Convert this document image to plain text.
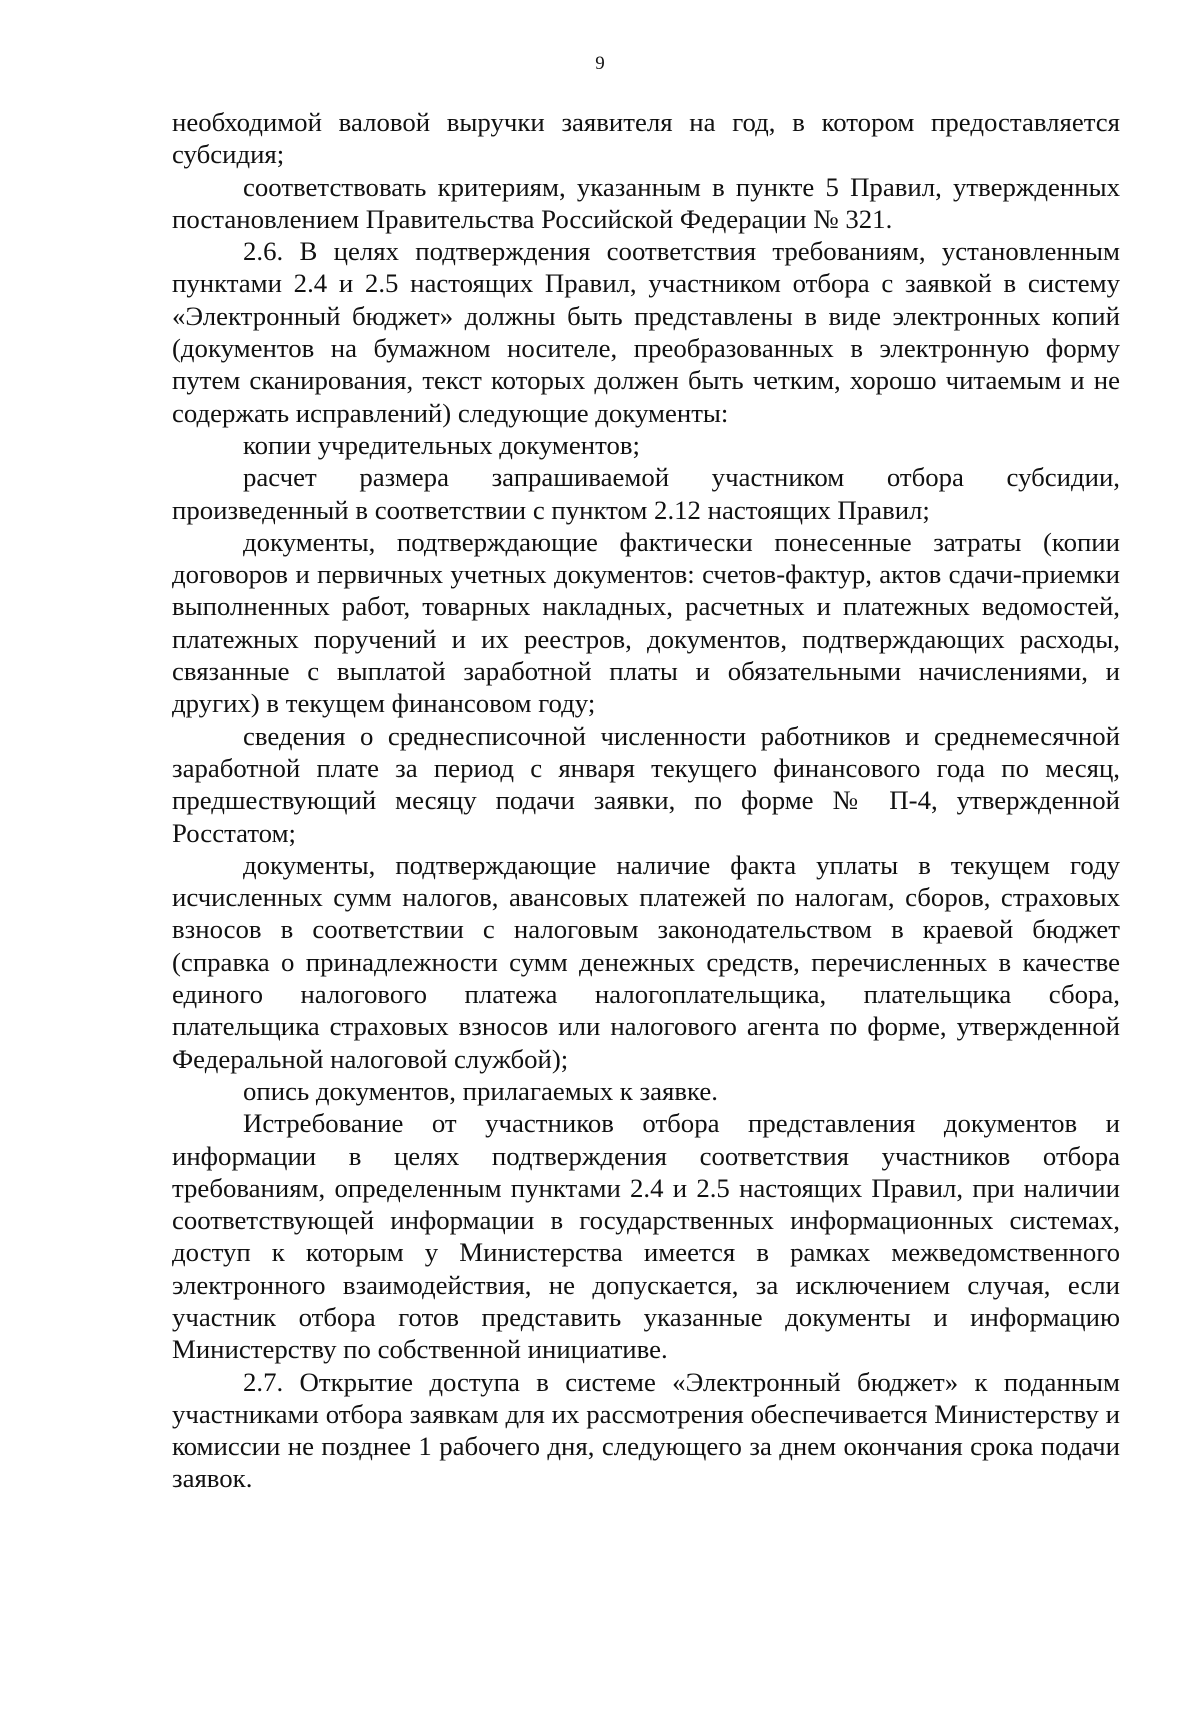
9

необходимой валовой выручки заявителя на год, в котором предоставляется субсидия;

соответствовать критериям, указанным в пункте 5 Правил, утвержденных постановлением Правительства Российской Федерации № 321.

2.6. В целях подтверждения соответствия требованиям, установленным пунктами 2.4 и 2.5 настоящих Правил, участником отбора с заявкой в систему «Электронный бюджет» должны быть представлены в виде электронных копий (документов на бумажном носителе, преобразованных в электронную форму путем сканирования, текст которых должен быть четким, хорошо читаемым и не содержать исправлений) следующие документы:

копии учредительных документов;

расчет размера запрашиваемой участником отбора субсидии, произведенный в соответствии с пунктом 2.12 настоящих Правил;

документы, подтверждающие фактически понесенные затраты (копии договоров и первичных учетных документов: счетов-фактур, актов сдачи-приемки выполненных работ, товарных накладных, расчетных и платежных ведомостей, платежных поручений и их реестров, документов, подтверждающих расходы, связанные с выплатой заработной платы и обязательными начислениями, и других) в текущем финансовом году;

сведения о среднесписочной численности работников и среднемесячной заработной плате за период с января текущего финансового года по месяц, предшествующий месяцу подачи заявки, по форме № П-4, утвержденной Росстатом;

документы, подтверждающие наличие факта уплаты в текущем году исчисленных сумм налогов, авансовых платежей по налогам, сборов, страховых взносов в соответствии с налоговым законодательством в краевой бюджет (справка о принадлежности сумм денежных средств, перечисленных в качестве единого налогового платежа налогоплательщика, плательщика сбора, плательщика страховых взносов или налогового агента по форме, утвержденной Федеральной налоговой службой);

опись документов, прилагаемых к заявке.

Истребование от участников отбора представления документов и информации в целях подтверждения соответствия участников отбора требованиям, определенным пунктами 2.4 и 2.5 настоящих Правил, при наличии соответствующей информации в государственных информационных системах, доступ к которым у Министерства имеется в рамках межведомственного электронного взаимодействия, не допускается, за исключением случая, если участник отбора готов представить указанные документы и информацию Министерству по собственной инициативе.

2.7. Открытие доступа в системе «Электронный бюджет» к поданным участниками отбора заявкам для их рассмотрения обеспечивается Министерству и комиссии не позднее 1 рабочего дня, следующего за днем окончания срока подачи заявок.
